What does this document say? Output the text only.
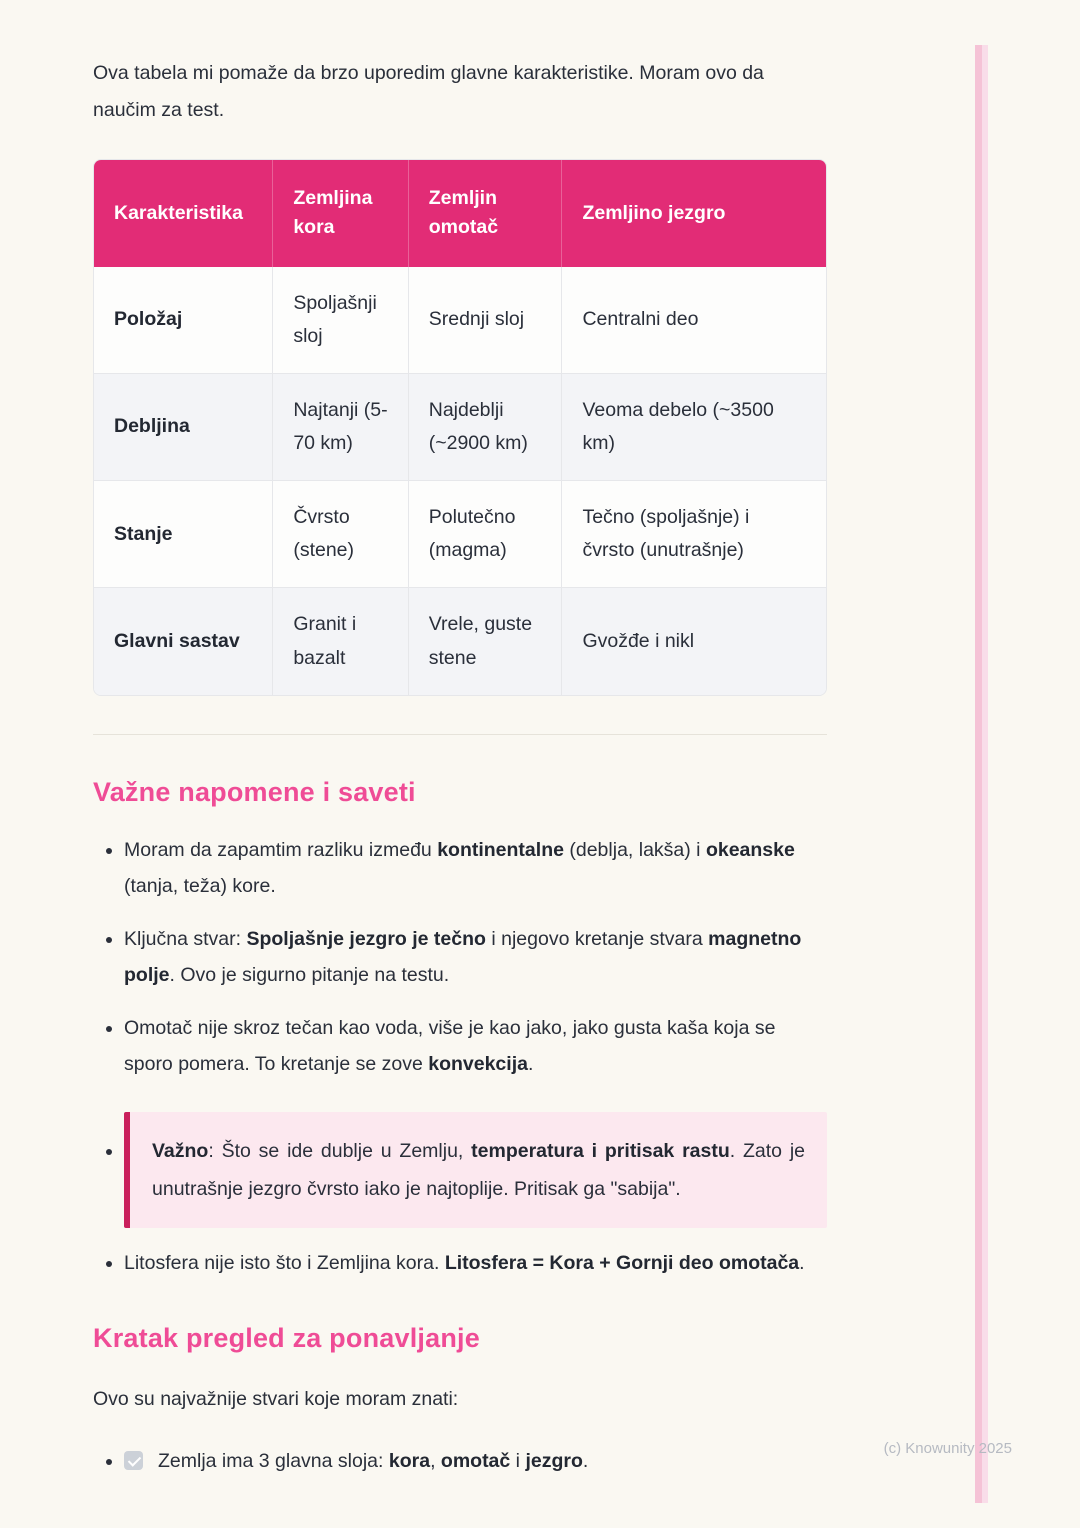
Ova tabela mi pomaže da brzo uporedim glavne karakteristike. Moram ovo da naučim za test.

Karakteristika	Zemljina kora	Zemljin omotač	Zemljino jezgro
Položaj	Spoljašnji sloj	Srednji sloj	Centralni deo
Debljina	Najtanji (5-70 km)	Najdeblji (~2900 km)	Veoma debelo (~3500 km)
Stanje	Čvrsto (stene)	Polutečno (magma)	Tečno (spoljašnje) i čvrsto (unutrašnje)
Glavni sastav	Granit i bazalt	Vrele, guste stene	Gvožđe i nikl
Važne napomene i saveti
• Moram da zapamtim razliku između kontinentalne (deblja, lakša) i okeanske (tanja, teža) kore.
• Ključna stvar: Spoljašnje jezgro je tečno i njegovo kretanje stvara magnetno polje. Ovo je sigurno pitanje na testu.
• Omotač nije skroz tečan kao voda, više je kao jako, jako gusta kaša koja se sporo pomera. To kretanje se zove konvekcija.
• Važno: Što se ide dublje u Zemlju, temperatura i pritisak rastu. Zato je unutrašnje jezgro čvrsto iako je najtoplije. Pritisak ga "sabija".
• Litosfera nije isto što i Zemljina kora. Litosfera = Kora + Gornji deo omotača.
Kratak pregled za ponavljanje

Ovo su najvažnije stvari koje moram znati:

• Zemlja ima 3 glavna sloja: kora, omotač i jezgro.
(c) Knowunity 2025
